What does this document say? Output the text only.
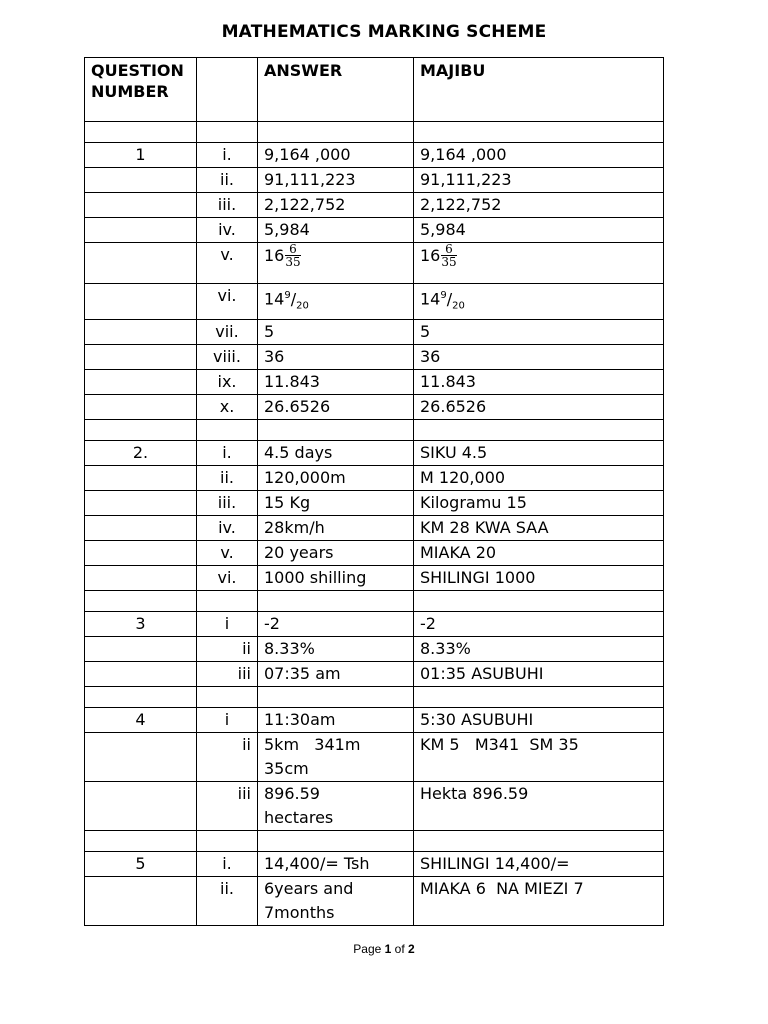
MATHEMATICS MARKING SCHEME
QUESTION NUMBER		ANSWER	MAJIBU

1	i.	9,164 ,000	9,164 ,000
	ii.	91,111,223	91,111,223
	iii.	2,122,752	2,122,752
	iv.	5,984	5,984
	v.	$16 \frac{6}{35}$	$16 \frac{6}{35}$

	vi.	$14^9/_{20}$	$14^9/_{20}$
	vii.	5	5
	viii.	36	36
	ix.	11.843	11.843
	x.	26.6526	26.6526

2.	i.	4.5 days	SIKU 4.5
	ii.	120,000m	M 120,000
	iii.	15 Kg	Kilogramu 15
	iv.	28km/h	KM 28 KWA SAA
	v.	20 years	MIAKA 20
	vi.	1000 shilling	SHILINGI 1000

3	i	-2	-2
	ii	8.33%	8.33%
	iii	07:35 am	01:35 ASUBUHI

4	i	11:30am	5:30 ASUBUHI
	ii	5km   341m 35cm	KM 5   M341  SM 35
	iii	896.59 hectares	Hekta 896.59

5	i.	14,400/= Tsh	SHILINGI 14,400/=
	ii.	6years and 7months	MIAKA 6  NA MIEZI 7
Page 1 of 2
